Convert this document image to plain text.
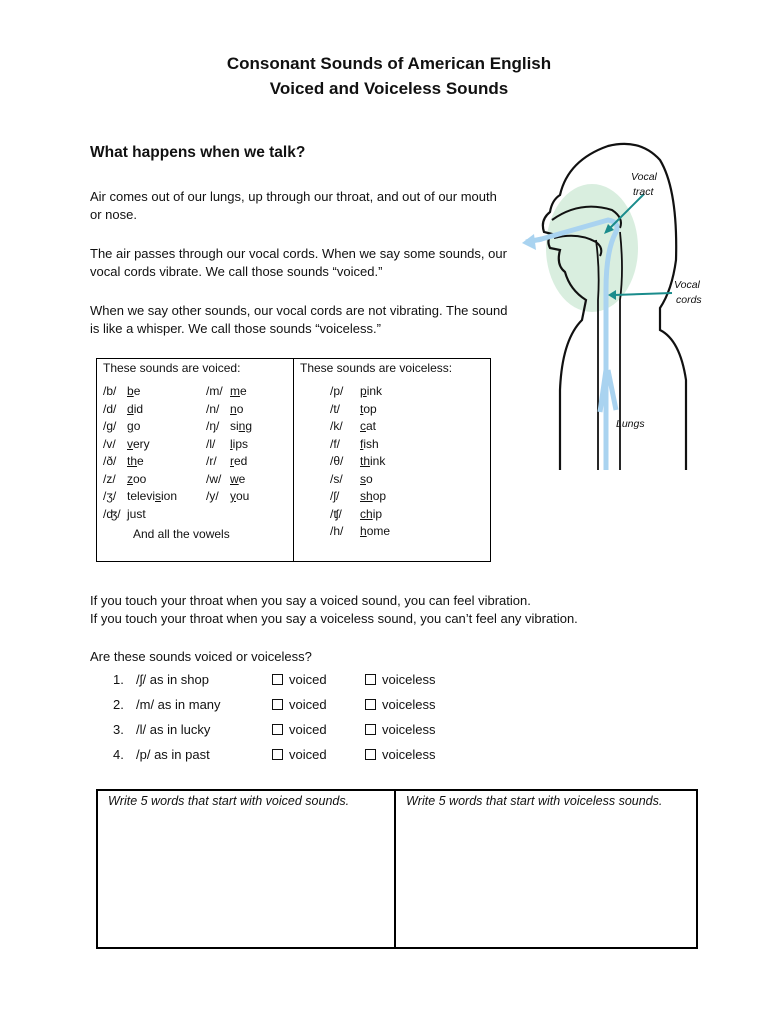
Consonant Sounds of American English
Voiced and Voiceless Sounds
What happens when we talk?
Air comes out of our lungs, up through our throat, and out of our mouth or nose.
The air passes through our vocal cords. When we say some sounds, our vocal cords vibrate. We call those sounds “voiced.”
When we say other sounds, our vocal cords are not vibrating. The sound is like a whisper. We call those sounds “voiceless.”
Vocal
tract
Vocal
cords
Lungs
These sounds are voiced:
/b/ be
/d/ did
/g/ go
/v/ very
/ð/ the
/z/ zoo
/ʒ/ television
/ʤ/ just
/m/ me
/n/ no
/ŋ/ sing
/l/ lips
/r/ red
/w/ we
/y/ you
And all the vowels

These sounds are voiceless:
/p/ pink
/t/ top
/k/ cat
/f/ fish
/θ/ think
/s/ so
/ʃ/ shop
/ʧ/ chip
/h/ home
If you touch your throat when you say a voiced sound, you can feel vibration.
If you touch your throat when you say a voiceless sound, you can’t feel any vibration.
Are these sounds voiced or voiceless?
1. /ʃ/ as in shop	voiced	voiceless
2. /m/ as in many	voiced	voiceless
3. /l/ as in lucky	voiced	voiceless
4. /p/ as in past	voiced	voiceless
Write 5 words that start with voiced sounds.	Write 5 words that start with voiceless sounds.
